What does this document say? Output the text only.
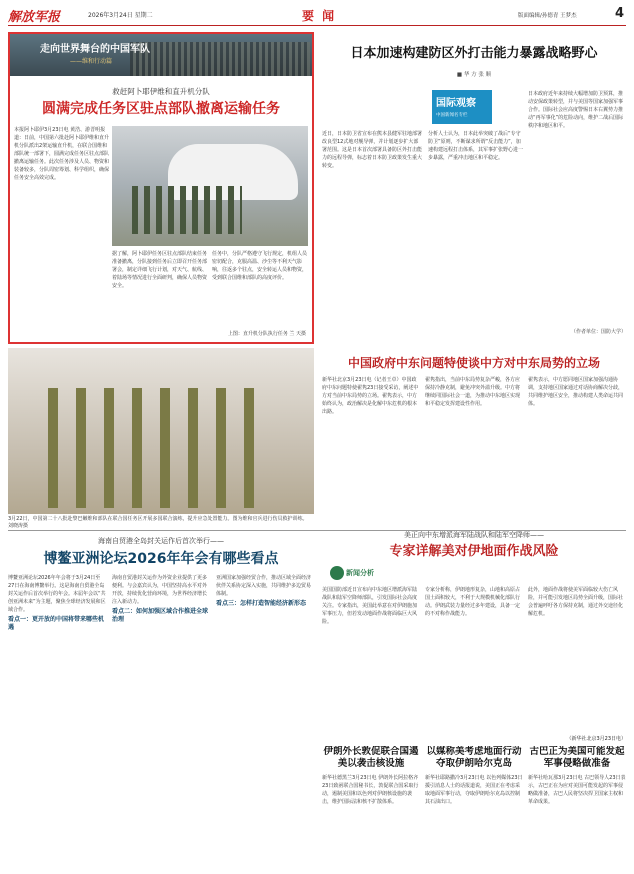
解放军报	2026年3月24日 星期二	要 闻	版面编辑/孙德青 王梦杰	4
走向世界舞台的中国军队
——维和行动篇
救赶阿卜耶伊维和直升机分队
圆满完成任务区驻点部队撤离运输任务
本报阿卜耶伊3月23日电 黄浩、游晋明报道：日前，中国第六批赴阿卜耶伊维和直升机分队派出2架运输直升机，在联合国维和部队统一部署下，圆满完成任务区驻点部队撤离运输任务。此次任务涉及人员、物资和装备较多，分队周密筹划、科学组织，确保任务安全高效完成。
据了解，阿卜耶伊任务区驻点部队结束任务准备撤离，分队接到任务后立即召开任务部署会，制定详细飞行计划，对天气、航线、着陆场等情况进行全面研判，确保人员物资安全。
任务中，分队严格遵守飞行规定，机组人员密切配合，克服高温、沙尘等不利天气影响，往返多个驻点，安全转运人员和物资，受到联合国维和部队的高度评价。
上图：直升机分队执行任务 兰 天摄
日本加速构建防区外打击能力暴露战略野心
■ 华 方 张 顺
国际观察
中国新闻名专栏
近日，日本防卫省宣布在熊本县健军驻地部署改良型12式地对舰导弹，并计划逐步扩大部署范围。这是日本首次部署具备防区外打击能力的远程导弹，标志着日本防卫政策发生重大转变。
分析人士认为，日本此举突破了战后“专守防卫”原则，不断谋求所谓“反击能力”，加速构建远程打击体系，其军事扩张野心进一步暴露，严重冲击地区和平稳定。
日本政府近年来持续大幅增加防卫预算，推动安保政策转型，并与美国等国家加强军事合作。国际社会应高度警惕日本右翼势力推动“再军事化”的危险动向，维护二战后国际秩序和地区和平。
（作者单位：国防大学）
中国政府中东问题特使谈中方对中东局势的立场
新华社北京3月23日电（记者王卓）中国政府中东问题特使翟隽23日接受采访，阐述中方对当前中东局势的立场。翟隽表示，中方始终认为，政治解决是化解中东危机的根本出路。
翟隽指出，当前中东局势复杂严峻，各方应保持冷静克制，避免冲突外溢升级。中方将继续同国际社会一道，为推动中东地区实现和平稳定发挥建设性作用。
翟隽表示，中方愿同地区国家加强沟通协调，支持地区国家通过对话协商解决分歧，共同维护地区安全，推动构建人类命运共同体。
3月22日，中国第二十八批赴黎巴嫩维和部队在联合国任务区开展多国联合演练，提升应急处置能力。图为维和官兵进行伤员救护训练。 刘晓涛摄
海南自贸港全岛封关运作后首次举行——
博鳌亚洲论坛2026年年会有哪些看点
博鳌亚洲论坛2026年年会将于3月24日至27日在海南博鳌举行。这是海南自贸港全岛封关运作后首次举行的年会。本届年会以“共创亚洲未来”为主题，聚焦全球经济发展和区域合作。
看点一：更开放的中国将带来哪些机遇
海南自贸港封关运作为外资企业提供了更多便利。与会嘉宾认为，中国坚持高水平对外开放，持续优化营商环境，为世界经济增长注入新动力。
看点二：如何加强区域合作推进全球治理
亚洲国家加强经贸合作，推动区域全面经济伙伴关系协定深入实施，共同维护多边贸易体制。
看点三：怎样打造智能经济新形态
美正向中东增派海军陆战队和陆军空降师——
专家详解美对伊地面作战风险
新闻分析
美国国防部近日宣布向中东地区增派海军陆战队和陆军空降师部队，引发国际社会高度关注。专家指出，美国此举意在对伊朗施加军事压力，但若发动地面作战将面临巨大风险。
专家分析称，伊朗地形复杂，山地和高原占国土面积较大，不利于大规模机械化部队行动。伊朗武装力量经过多年建设，具备一定的不对称作战能力。
此外，地面作战将使美军面临较大伤亡风险，并可能引发地区局势全面升级，国际社会普遍呼吁各方保持克制，通过外交途径化解危机。
（新华社北京3月23日电）
伊朗外长敦促联合国遏美以袭击核设施
新华社德黑兰3月23日电 伊朗外长阿拉格齐23日致函联合国秘书长，敦促联合国采取行动，遏制美国和以色列对伊朗核设施的袭击，维护国际法和核不扩散体系。
以媒称美考虑地面行动夺取伊朗哈尔克岛
新华社耶路撒冷3月23日电 以色列媒体23日援引消息人士的话报道说，美国正在考虑采取地面军事行动，夺取伊朗哈尔克岛以控制其石油出口。
古巴正为美国可能发起军事侵略做准备
新华社哈瓦那3月23日电 古巴领导人23日表示，古巴正在为应对美国可能发起的军事侵略做准备，古巴人民将坚决捍卫国家主权和革命成果。
